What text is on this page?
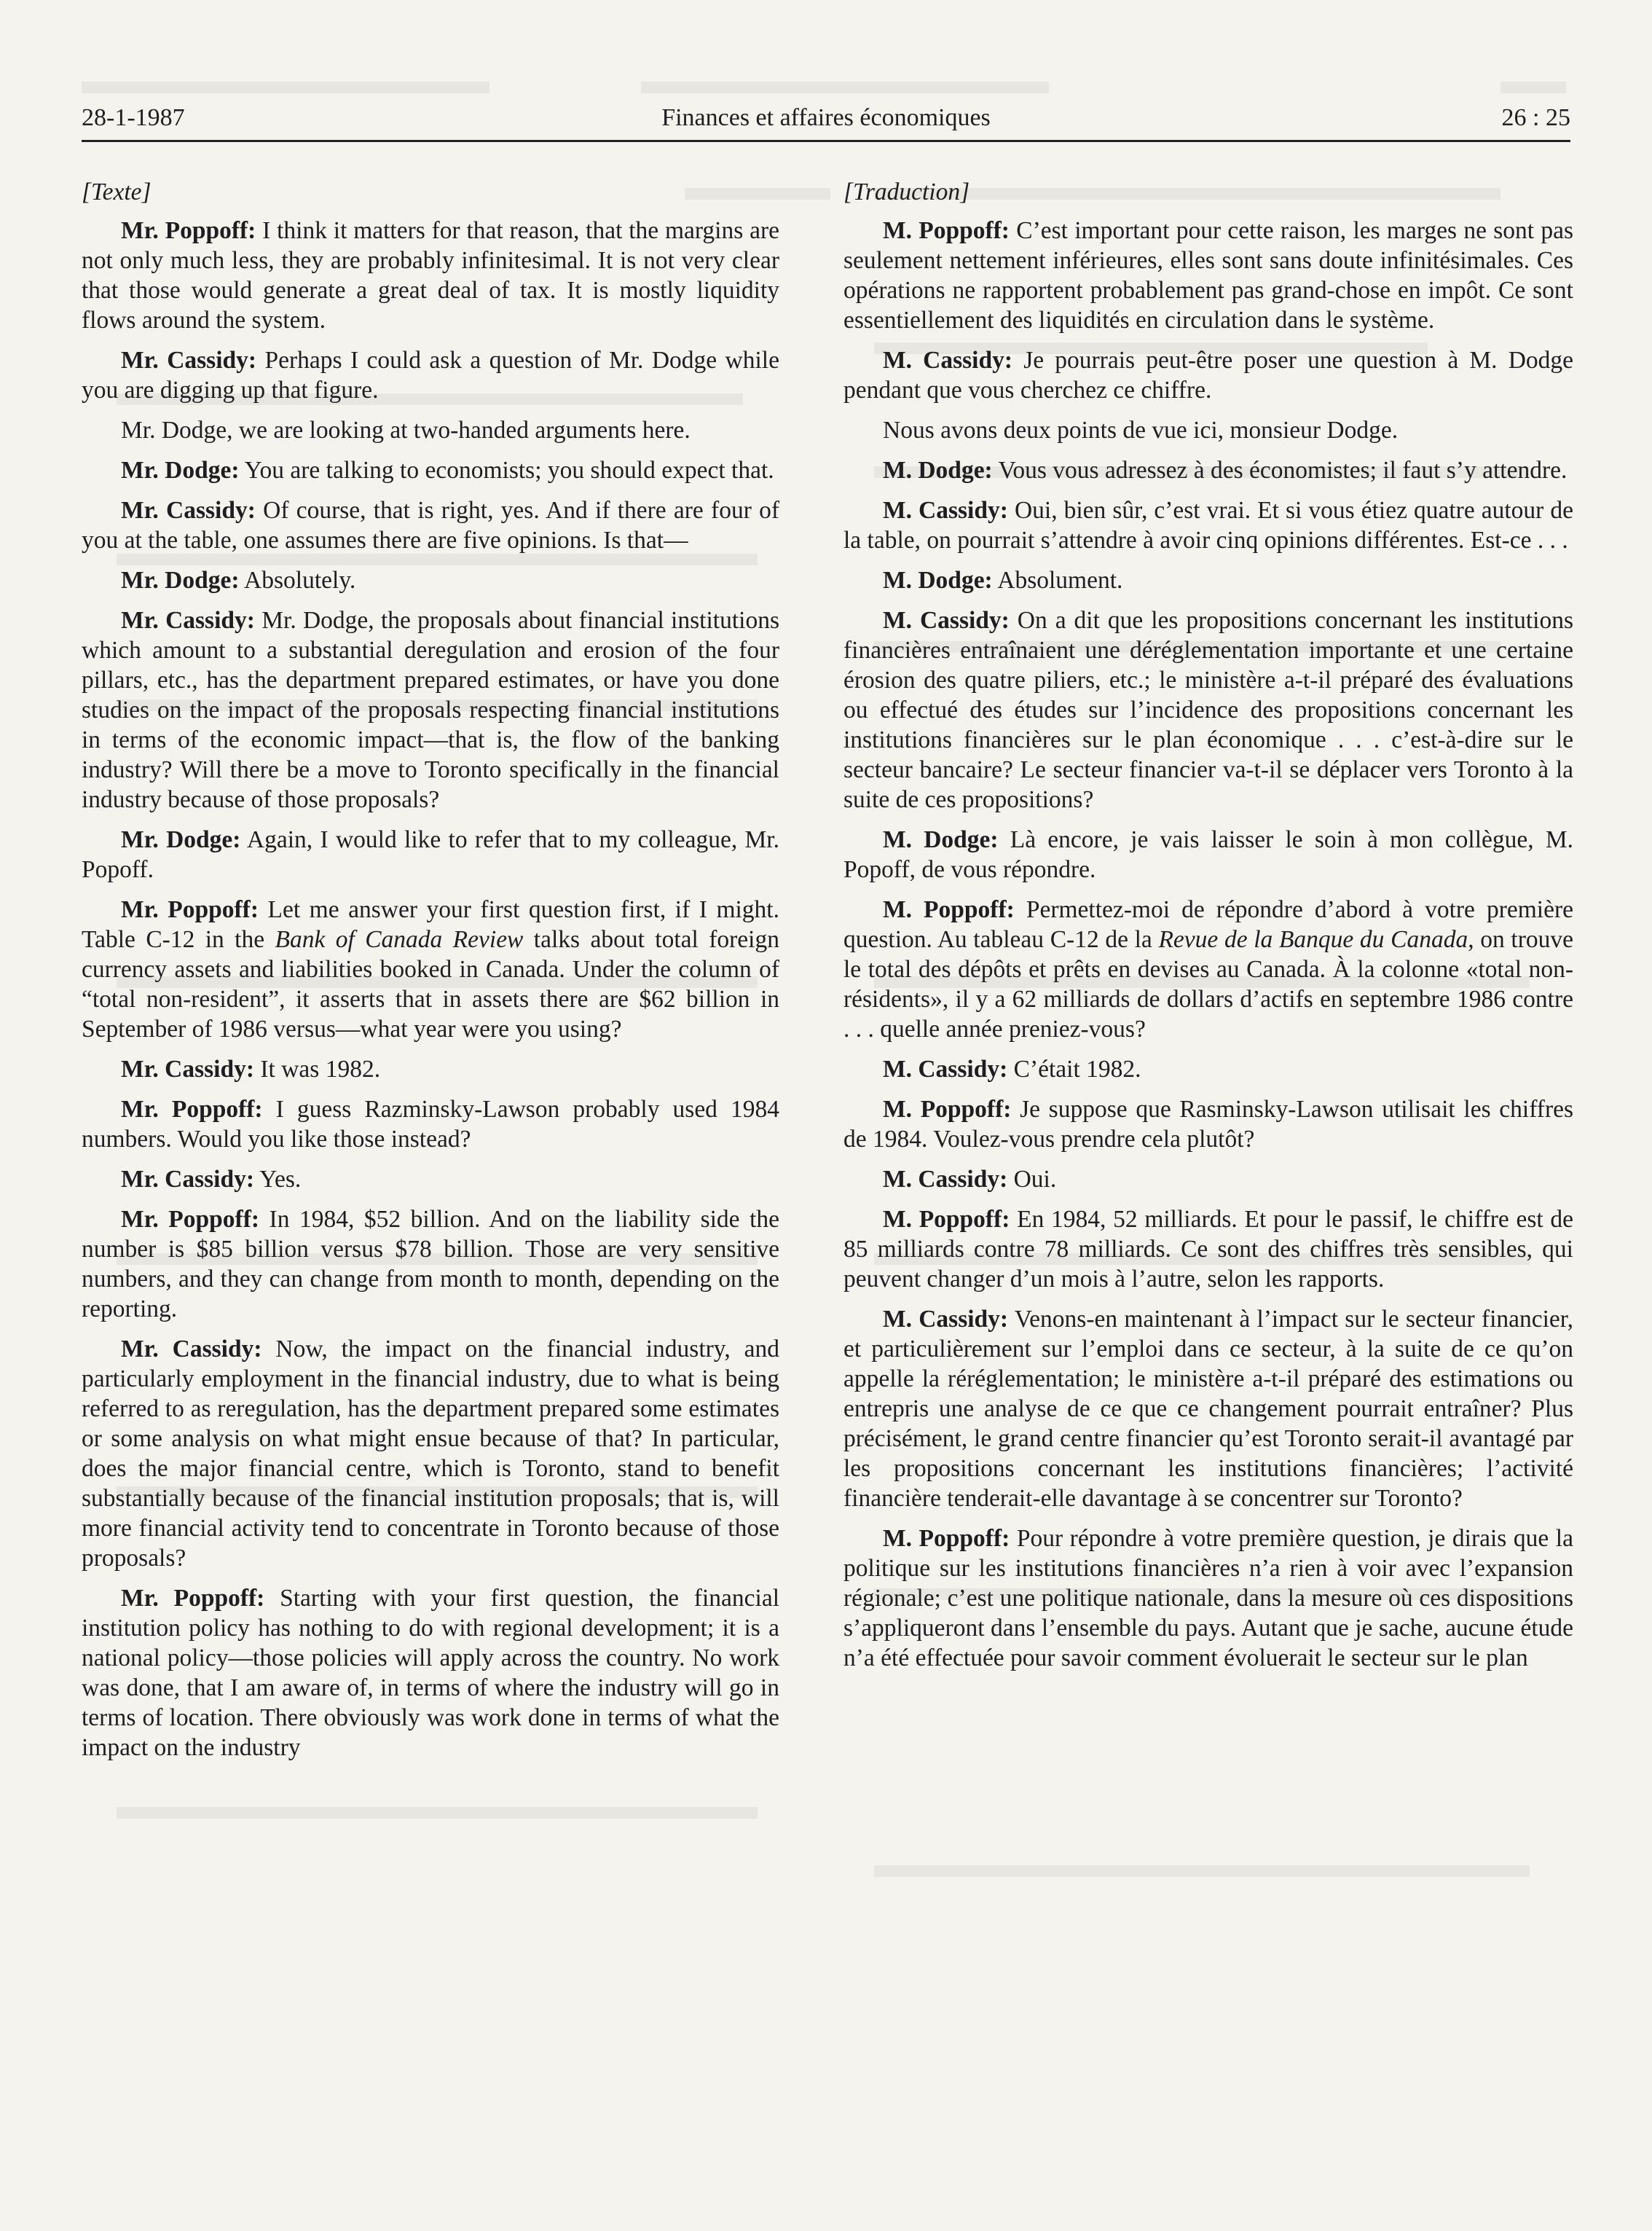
28-1-1987	Finances et affaires économiques	26 : 25
[Texte]
Mr. Poppoff: I think it matters for that reason, that the margins are not only much less, they are probably infinitesimal. It is not very clear that those would generate a great deal of tax. It is mostly liquidity flows around the system.
Mr. Cassidy: Perhaps I could ask a question of Mr. Dodge while you are digging up that figure.
Mr. Dodge, we are looking at two-handed arguments here.
Mr. Dodge: You are talking to economists; you should expect that.
Mr. Cassidy: Of course, that is right, yes. And if there are four of you at the table, one assumes there are five opinions. Is that—
Mr. Dodge: Absolutely.
Mr. Cassidy: Mr. Dodge, the proposals about financial institutions which amount to a substantial deregulation and erosion of the four pillars, etc., has the department prepared estimates, or have you done studies on the impact of the proposals respecting financial institutions in terms of the economic impact—that is, the flow of the banking industry? Will there be a move to Toronto specifically in the financial industry because of those proposals?
Mr. Dodge: Again, I would like to refer that to my colleague, Mr. Popoff.
Mr. Poppoff: Let me answer your first question first, if I might. Table C-12 in the Bank of Canada Review talks about total foreign currency assets and liabilities booked in Canada. Under the column of “total non-resident”, it asserts that in assets there are $62 billion in September of 1986 versus—what year were you using?
Mr. Cassidy: It was 1982.
Mr. Poppoff: I guess Razminsky-Lawson probably used 1984 numbers. Would you like those instead?
Mr. Cassidy: Yes.
Mr. Poppoff: In 1984, $52 billion. And on the liability side the number is $85 billion versus $78 billion. Those are very sensitive numbers, and they can change from month to month, depending on the reporting.
Mr. Cassidy: Now, the impact on the financial industry, and particularly employment in the financial industry, due to what is being referred to as reregulation, has the department prepared some estimates or some analysis on what might ensue because of that? In particular, does the major financial centre, which is Toronto, stand to benefit substantially because of the financial institution proposals; that is, will more financial activity tend to concentrate in Toronto because of those proposals?
Mr. Poppoff: Starting with your first question, the financial institution policy has nothing to do with regional development; it is a national policy—those policies will apply across the country. No work was done, that I am aware of, in terms of where the industry will go in terms of location. There obviously was work done in terms of what the impact on the industry
[Traduction]
M. Poppoff: C’est important pour cette raison, les marges ne sont pas seulement nettement inférieures, elles sont sans doute infinitésimales. Ces opérations ne rapportent probablement pas grand-chose en impôt. Ce sont essentiellement des liquidités en circulation dans le système.
M. Cassidy: Je pourrais peut-être poser une question à M. Dodge pendant que vous cherchez ce chiffre.
Nous avons deux points de vue ici, monsieur Dodge.
M. Dodge: Vous vous adressez à des économistes; il faut s’y attendre.
M. Cassidy: Oui, bien sûr, c’est vrai. Et si vous étiez quatre autour de la table, on pourrait s’attendre à avoir cinq opinions différentes. Est-ce . . .
M. Dodge: Absolument.
M. Cassidy: On a dit que les propositions concernant les institutions financières entraînaient une déréglementation importante et une certaine érosion des quatre piliers, etc.; le ministère a-t-il préparé des évaluations ou effectué des études sur l’incidence des propositions concernant les institutions financières sur le plan économique . . . c’est-à-dire sur le secteur bancaire? Le secteur financier va-t-il se déplacer vers Toronto à la suite de ces propositions?
M. Dodge: Là encore, je vais laisser le soin à mon collègue, M. Popoff, de vous répondre.
M. Poppoff: Permettez-moi de répondre d’abord à votre première question. Au tableau C-12 de la Revue de la Banque du Canada, on trouve le total des dépôts et prêts en devises au Canada. À la colonne «total non-résidents», il y a 62 milliards de dollars d’actifs en septembre 1986 contre . . . quelle année preniez-vous?
M. Cassidy: C’était 1982.
M. Poppoff: Je suppose que Rasminsky-Lawson utilisait les chiffres de 1984. Voulez-vous prendre cela plutôt?
M. Cassidy: Oui.
M. Poppoff: En 1984, 52 milliards. Et pour le passif, le chiffre est de 85 milliards contre 78 milliards. Ce sont des chiffres très sensibles, qui peuvent changer d’un mois à l’autre, selon les rapports.
M. Cassidy: Venons-en maintenant à l’impact sur le secteur financier, et particulièrement sur l’emploi dans ce secteur, à la suite de ce qu’on appelle la réréglementation; le ministère a-t-il préparé des estimations ou entrepris une analyse de ce que ce changement pourrait entraîner? Plus précisément, le grand centre financier qu’est Toronto serait-il avantagé par les propositions concernant les institutions financières; l’activité financière tenderait-elle davantage à se concentrer sur Toronto?
M. Poppoff: Pour répondre à votre première question, je dirais que la politique sur les institutions financières n’a rien à voir avec l’expansion régionale; c’est une politique nationale, dans la mesure où ces dispositions s’appliqueront dans l’ensemble du pays. Autant que je sache, aucune étude n’a été effectuée pour savoir comment évoluerait le secteur sur le plan
